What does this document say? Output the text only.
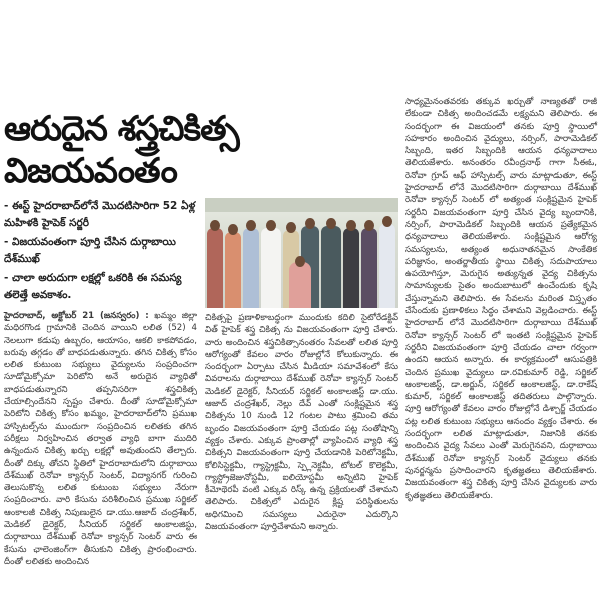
ఆరుదైన శస్త్రచికిత్స విజయవంతం
- ఈస్ట్ హైదరాబాద్‌లోనే మొదటిసారిగా 52 ఏళ్ల మహిళకి హైపెక్ సర్జరీ
- విజయవంతంగా పూర్తి చేసిన దుర్గాబాయి దేశ్‌ముఖ్
- చాలా అరుదుగా లక్షల్లో ఒకరికి ఈ సమస్య తలెత్తే అవకాశం.
హైదరాబాద్, అక్టోబర్ 21 (జనస్వరం) : ఖమ్మం జిల్లా మధిరగొండ గ్రామానికి చెందిన వాయిని లలిత (52) 4 నెలలుగా కడుపు ఉబ్బరం, ఆయాసం, ఆకలి కాకపోవడం, బరువు తగ్గడం తో బాధపడుతున్నారు. తగిన చికిత్స కోసం లలిత కుటుంబ సభ్యులు వైద్యులను సంప్రదించగా సూడోమైక్సోమా పెరిటోని అనే అరుదైన వ్యాధితో బాధపడుతున్నారని తప్పనిసరిగా శస్త్రచికిత్స చేయాల్సిందేనని స్పష్టం చేశారు. దీంతో సూడోమైక్సోమా పెరిటోని చికిత్స కోసం ఖమ్మం, హైదరాబాద్‌లోని ప్రముఖ హాస్పిటల్స్‌ను ముందుగా సంప్రదించిన లలితకు తగిన పరీక్షలు నిర్వహించిన తర్వాత వ్యాధి బాగా ముదిరి ఉన్నందున చికిత్స ఖర్చు లక్షల్లో అవుతుందని తేల్చారు. దీంతో దిక్కు తోచని స్థితిలో హైదరాబాదులోని దుర్గాబాయి దేశ్‌ముఖ్ రెనోవా క్యాన్సర్ సెంటర్, విద్యానగర్ గురించి తెలుసుకొన్న లలిత కుటుంబ సభ్యులు నేరుగా సంప్రదించారు. వారి కేసును పరిశీలించిన ప్రముఖ సర్జికల్ ఆంకాలజీ చికిత్స నిపుణులైన డా.యు.ఆజాద్ చంద్రశేఖర్, మెడికల్ డైరెక్టర్, సీనియర్ సర్జికల్ ఆంకాలజిస్టు, దుర్గాబాయి దేశ్‌ముఖ్ రెనోవా క్యాన్సర్ సెంటర్ వారు ఈ కేసును ఛాలెంజింగ్‌గా తీసుకుని చికిత్స ప్రారంభించారు. దీంతో లలితకు అందించిన
చికిత్సపై ప్రణాళికాబద్ధంగా ముందుకు కదిలి సైటోరేడక్టివ్ విత్ హైపెక్ శస్త్ర చికిత్స ను విజయవంతంగా పూర్తి చేశారు. వారు అందించిన శస్త్రచికిత్సానంతరం సేవలతో లలిత పూర్తి ఆరోగ్యంతో కేవలం వారం రోజుల్లోనే కోలుకున్నారు. ఈ సందర్భంగా ఏర్పాటు చేసిన మీడియా సమావేశంలో కేసు వివరాలను దుర్గాబాయి దేశ్‌ముఖ్ రెనోవా క్యాన్సర్ సెంటర్ మెడికల్ డైరెక్టర్, సీనియర్ సర్జికల్ అంకాలజిస్ట్ డా.యు. ఆజాద్ చంద్రశేఖర్, నెల్లు దేవ్ ఎంతో సంక్లిష్టమైన శస్త్ర చికిత్సను 10 నుండి 12 గంటల పాటు శ్రమించి తమ బృందం విజయవంతంగా పూర్తి చేయడం పట్ల సంతోషాన్ని వ్యక్తం చేశారు. ఎక్కువ ప్రాంతాల్లో వ్యాపించిన వ్యాధి శస్త్ర చికిత్సని విజయవంతంగా పూర్తి చేయడానికి పెరిటోనెక్టమీ, కోలిసిస్టెక్టమీ, గ్యాస్ట్రెక్టమీ, స్ప్లెనెక్టమీ, టోటల్ కొలెక్టమీ, గ్యాస్ట్రోజెజునోస్టమీ, ఐలియోస్టమీ అన్నిటిని హైపెక్ కీమోథెరపీ వంటి ఎక్కువ రిస్క్ ఉన్న ప్రక్రియలతో చేశామని తెలిపారు. చికిత్సలో ఎదురైన క్లిష్ట పరిస్థితులను అధిగమించి సమస్యలు ఎదురైనా ఎదుర్కొని విజయవంతంగా పూర్తిచేశామని అన్నారు.
సాధ్యమైనంతవరకు తక్కువ ఖర్చుతో నాణ్యతతో రాజీ లేకుండా చికిత్స అందించడమే లక్ష్యమని తెలిపారు. ఈ సందర్భంగా ఈ విజయంలో తనకు పూర్తి స్థాయిలో సహకారం అందించిన వైద్యులు, నర్సింగ్, పారామెడికల్ సిబ్బంది, ఇతర సిబ్బందికి ఆయన ధన్యవాదాలు తెలియజేశారు. అనంతరం రవీంద్రనాథ్ గాగా సీఈఓ, రెనోవా గ్రూప్ ఆఫ్ హాస్పిటల్స్ వారు మాట్లాడుతూ, ఈస్ట్ హైదరాబాద్ లోనే మొదటిసారిగా దుర్గాబాయి దేశ్‌ముఖ్ రెనోవా క్యాన్సర్ సెంటర్ లో అత్యంత సంక్లిష్టమైన హైపెక్ సర్జరీని విజయవంతంగా పూర్తి చేసిన వైద్య బృందానికి, నర్సింగ్, పారామెడికల్ సిబ్బందికి ఆయన ప్రత్యేకమైన ధన్యవాదాలు తెలియజేశారు. సంక్లిష్టమైన ఆరోగ్య సమస్యలను, అత్యంత అధునాతనమైన సాంకేతిక పరిజ్ఞానం, అంతర్జాతీయ స్థాయి చికిత్స సదుపాయాలు ఉపయోగిస్తూ, మెరుగైన అత్యున్నత వైద్య చికిత్సను సామాన్యులకు సైతం అందుబాటులో ఉంచేందుకు కృషి చేస్తున్నామని తెలిపారు. ఈ సేవలను మరింత విస్తృతం చేసేందుకు ప్రణాళికలు సిద్ధం చేశామని వెల్లడించారు. ఈస్ట్ హైదరాబాద్ లోనే మొదటిసారిగా దుర్గాబాయి దేశ్‌ముఖ్ రెనోవా క్యాన్సర్ సెంటర్ లో ఇంతటి సంక్లిష్టమైన హైపెక్ సర్జరీని విజయవంతంగా పూర్తి చేయడం చాలా గర్వంగా ఉందని ఆయన అన్నారు. ఈ కార్యక్రమంలో ఆసుపత్రికి చెందిన ప్రముఖ వైద్యులు డా.రవికుమార్ రెడ్డి, సర్జికల్ ఆంకాలజిస్ట్, డా.అర్జున్, సర్జికల్ ఆంకాలజిస్ట్, డా.రాకేష్ కుమార్, సర్జికల్ ఆంకాలజిస్ట్ తదితరులు పాల్గొన్నారు. పూర్తి ఆరోగ్యంతో కేవలం వారం రోజుల్లోనే డిశ్చార్జ్ చేయడం పట్ల లలిత కుటుంబ సభ్యులు ఆనందం వ్యక్తం చేశారు. ఈ సందర్భంగా లలిత మాట్లాడుతూ, నిజానికి తనకు అందించిన వైద్య సేవలు ఎంతో మెరుగైనవని, దుర్గాబాయి దేశ్‌ముఖ్ రెనోవా క్యాన్సర్ సెంటర్ వైద్యులు తనకు పునర్జన్మను ప్రసాదించారని కృతజ్ఞతలు తెలియజేశారు. విజయవంతంగా శస్త్ర చికిత్స పూర్తి చేసిన వైద్యులకు వారు కృతజ్ఞతలు తెలియజేశారు.
